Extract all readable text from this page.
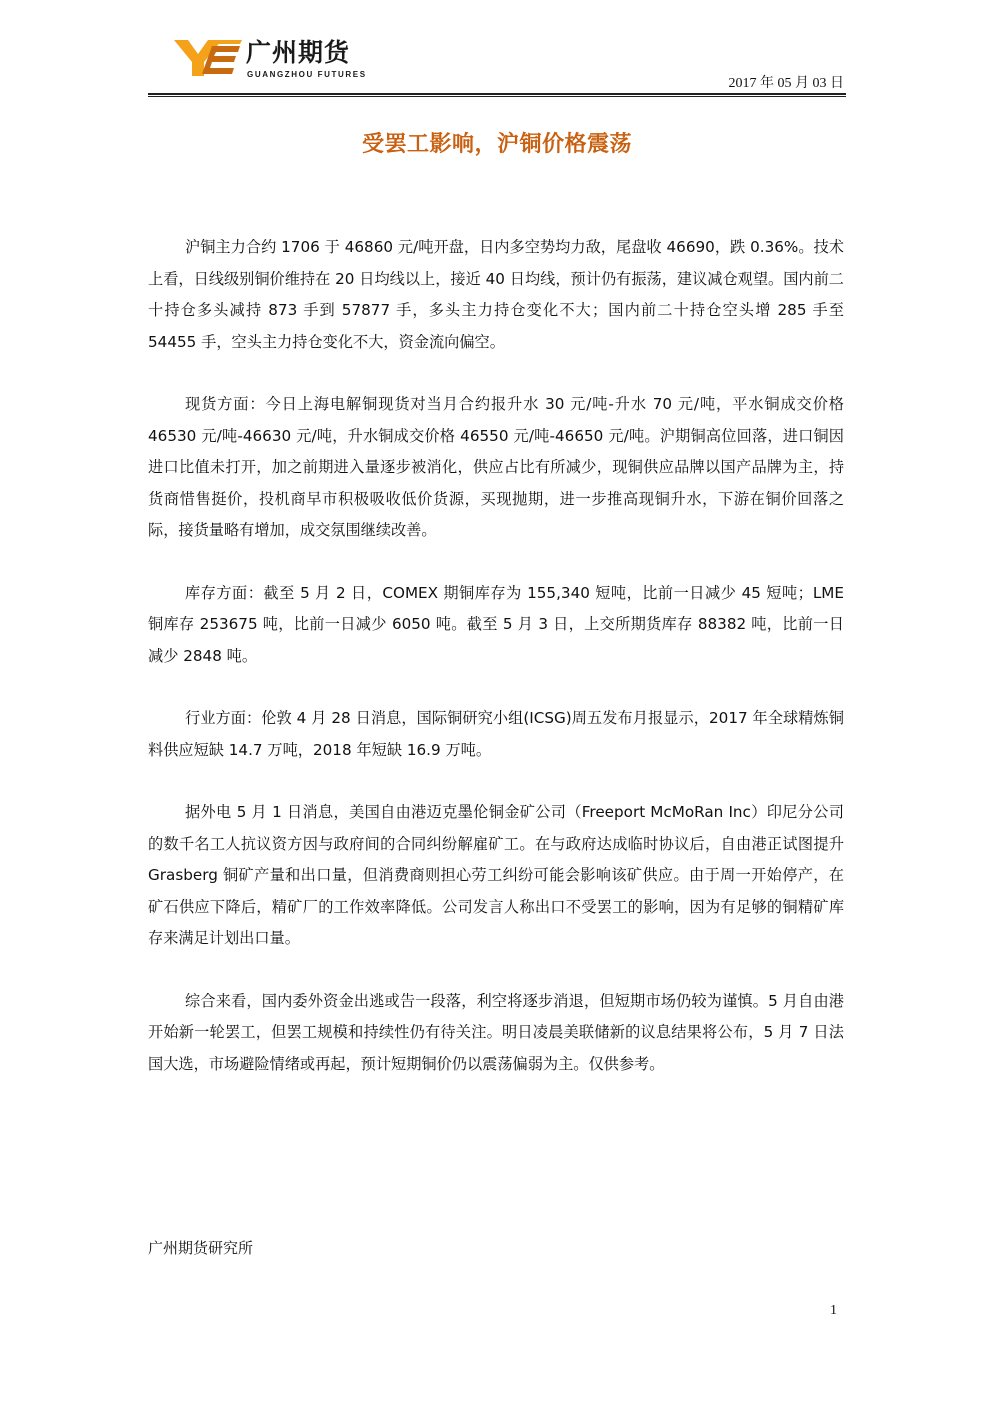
广州期货
GUANGZHOU FUTURES
2017 年 05 月 03 日
受罢工影响，沪铜价格震荡

沪铜主力合约 1706 于 46860 元/吨开盘，日内多空势均力敌，尾盘收 46690，跌 0.36%。技术上看，日线级别铜价维持在 20 日均线以上，接近 40 日均线，预计仍有振荡，建议减仓观望。国内前二十持仓多头减持 873 手到 57877 手，多头主力持仓变化不大；国内前二十持仓空头增 285 手至 54455 手，空头主力持仓变化不大，资金流向偏空。

现货方面：今日上海电解铜现货对当月合约报升水 30 元/吨-升水 70 元/吨，平水铜成交价格 46530 元/吨-46630 元/吨，升水铜成交价格 46550 元/吨-46650 元/吨。沪期铜高位回落，进口铜因进口比值未打开，加之前期进入量逐步被消化，供应占比有所减少，现铜供应品牌以国产品牌为主，持货商惜售挺价，投机商早市积极吸收低价货源，买现抛期，进一步推高现铜升水，下游在铜价回落之际，接货量略有增加，成交氛围继续改善。

库存方面：截至 5 月 2 日，COMEX 期铜库存为 155,340 短吨，比前一日减少 45 短吨；LME 铜库存 253675 吨，比前一日减少 6050 吨。截至 5 月 3 日，上交所期货库存 88382 吨，比前一日减少 2848 吨。

行业方面：伦敦 4 月 28 日消息，国际铜研究小组(ICSG)周五发布月报显示，2017 年全球精炼铜料供应短缺 14.7 万吨，2018 年短缺 16.9 万吨。

据外电 5 月 1 日消息，美国自由港迈克墨伦铜金矿公司（Freeport McMoRan Inc）印尼分公司的数千名工人抗议资方因与政府间的合同纠纷解雇矿工。在与政府达成临时协议后，自由港正试图提升 Grasberg 铜矿产量和出口量，但消费商则担心劳工纠纷可能会影响该矿供应。由于周一开始停产，在矿石供应下降后，精矿厂的工作效率降低。公司发言人称出口不受罢工的影响，因为有足够的铜精矿库存来满足计划出口量。

综合来看，国内委外资金出逃或告一段落，利空将逐步消退，但短期市场仍较为谨慎。5 月自由港开始新一轮罢工，但罢工规模和持续性仍有待关注。明日凌晨美联储新的议息结果将公布，5 月 7 日法国大选，市场避险情绪或再起，预计短期铜价仍以震荡偏弱为主。仅供参考。

广州期货研究所
1
